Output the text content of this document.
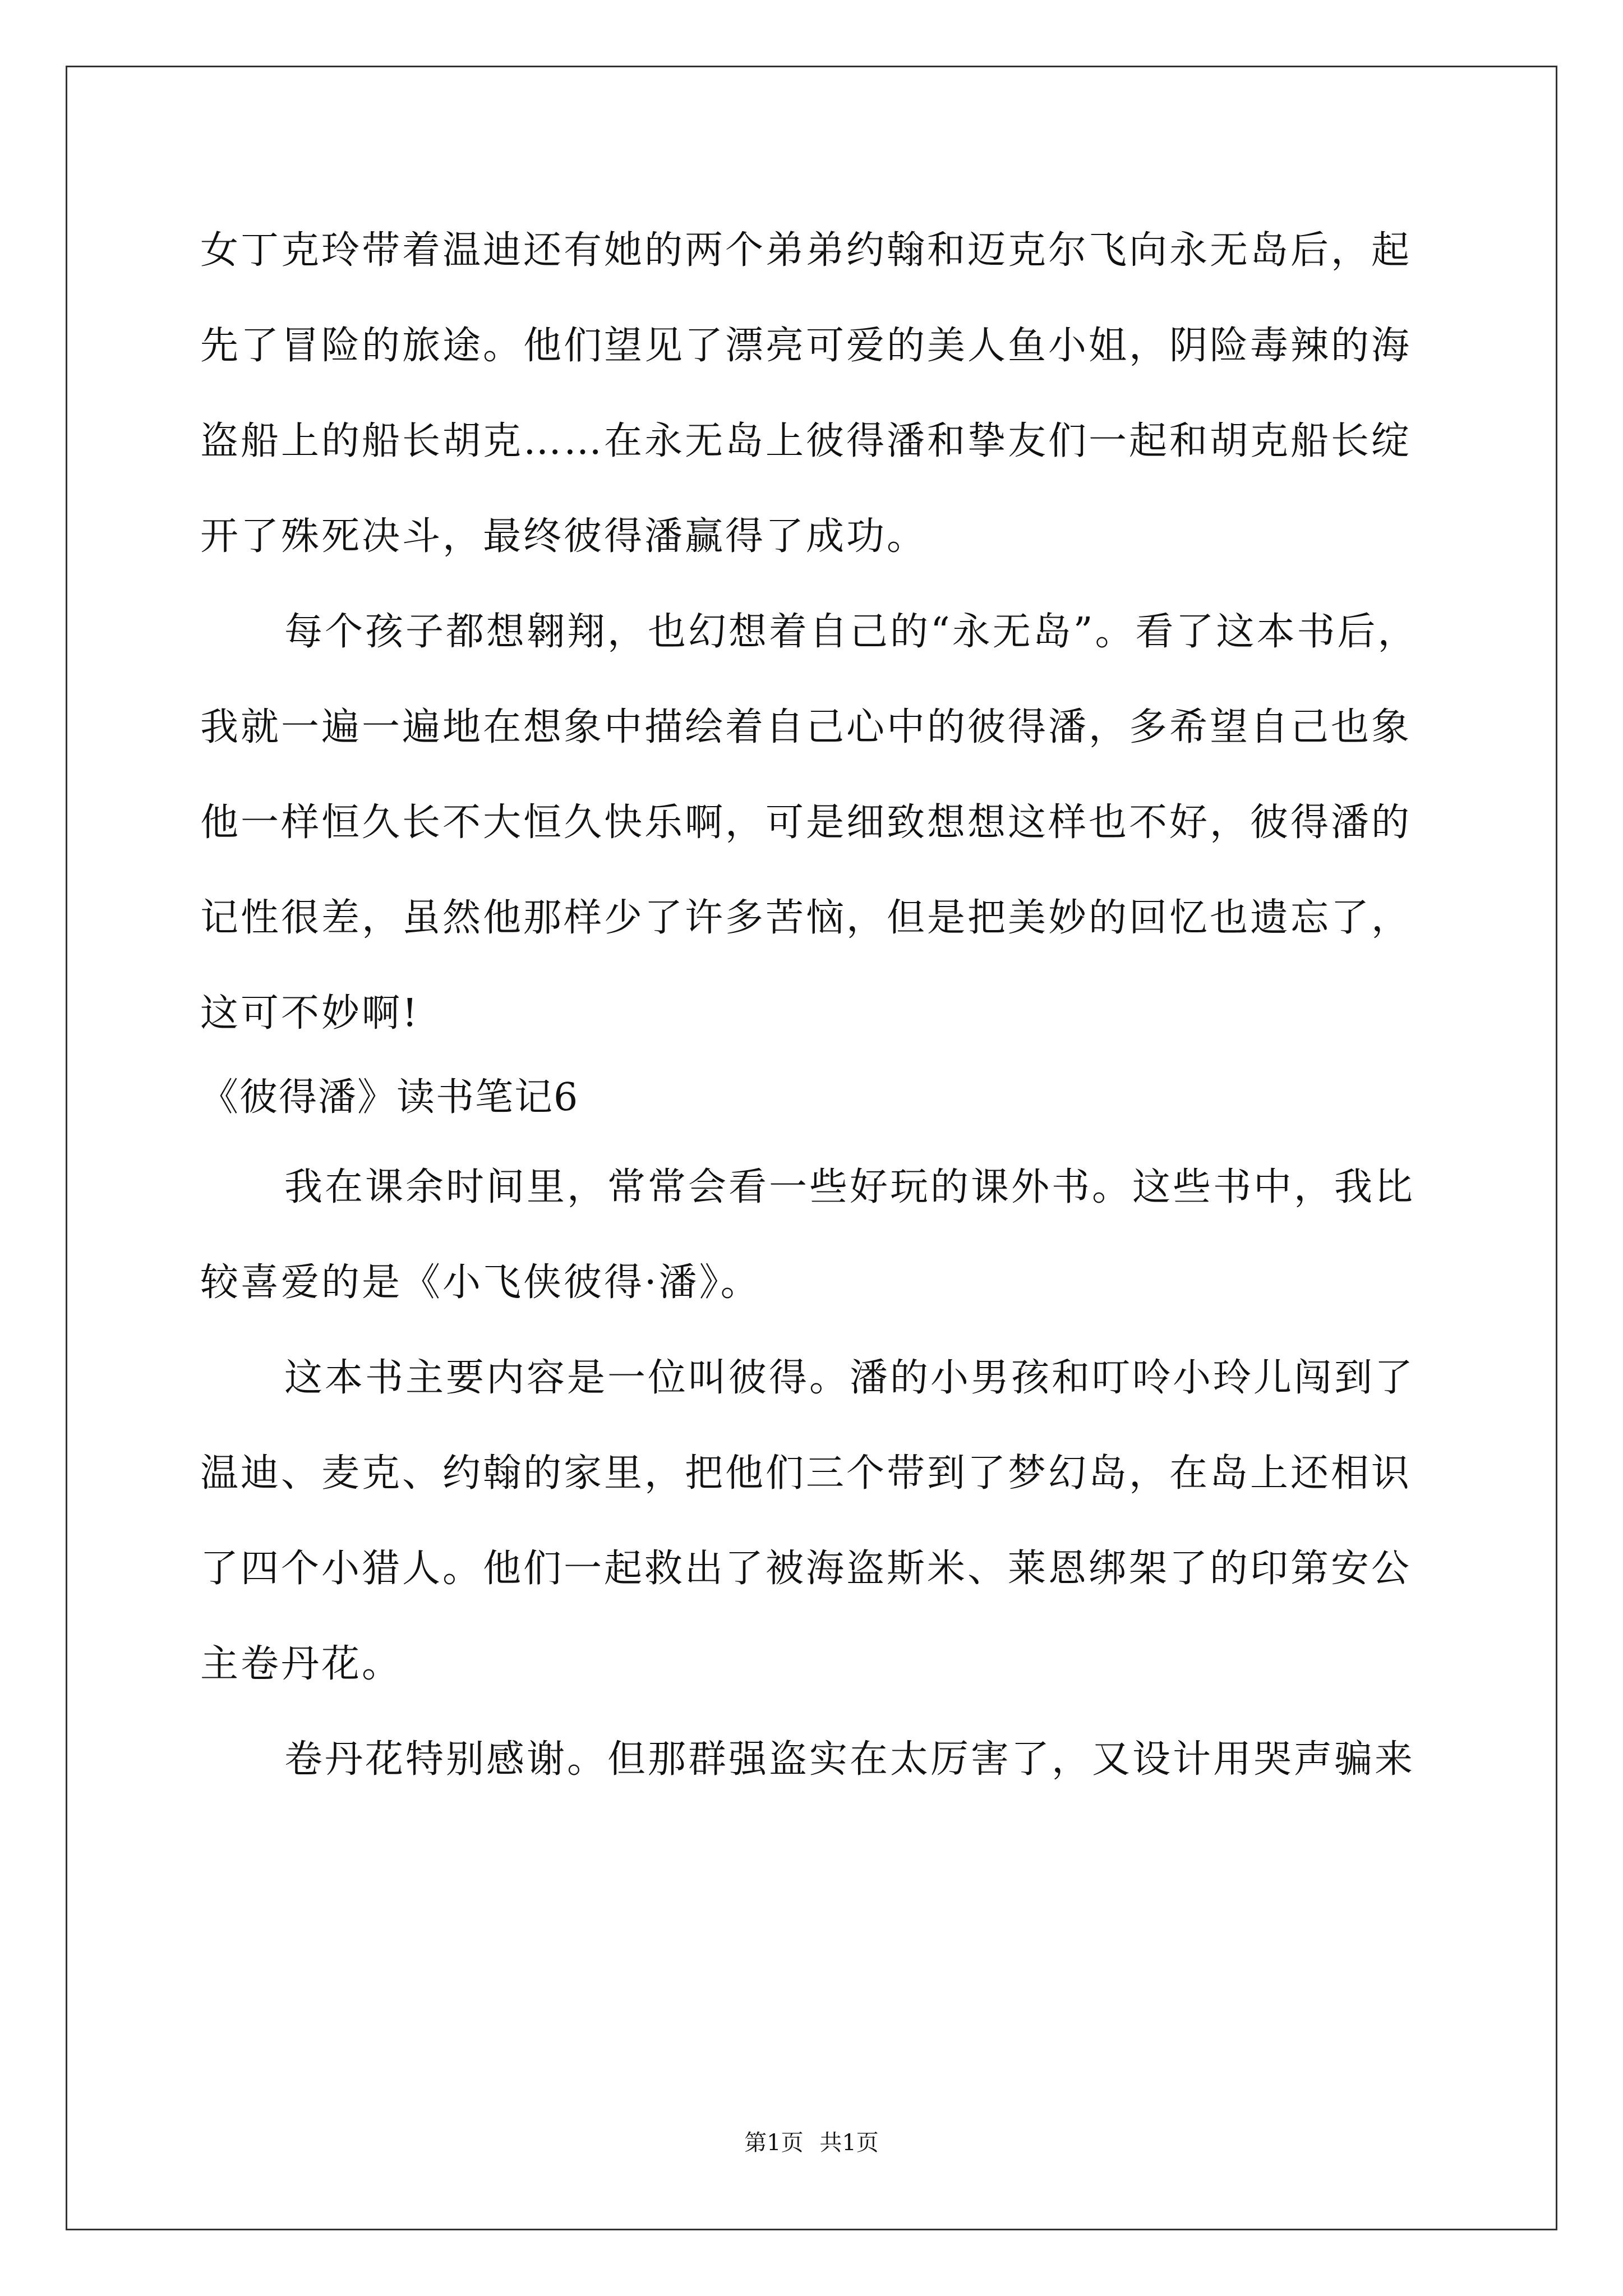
女丁克玲带着温迪还有她的两个弟弟约翰和迈克尔飞向永无岛后，起
先了冒险的旅途。他们望见了漂亮可爱的美人鱼小姐，阴险毒辣的海
盗船上的船长胡克……在永无岛上彼得潘和挚友们一起和胡克船长绽
开了殊死决斗，最终彼得潘赢得了成功。
每个孩子都想翱翔，也幻想着自己的“永无岛”。看了这本书后，
我就一遍一遍地在想象中描绘着自己心中的彼得潘，多希望自己也象
他一样恒久长不大恒久快乐啊，可是细致想想这样也不好，彼得潘的
记性很差，虽然他那样少了许多苦恼，但是把美妙的回忆也遗忘了，
这可不妙啊!
《彼得潘》读书笔记6
我在课余时间里，常常会看一些好玩的课外书。这些书中，我比
较喜爱的是《小飞侠彼得·潘》。
这本书主要内容是一位叫彼得。潘的小男孩和叮呤小玲儿闯到了
温迪、麦克、约翰的家里，把他们三个带到了梦幻岛，在岛上还相识
了四个小猎人。他们一起救出了被海盗斯米、莱恩绑架了的印第安公
主卷丹花。
卷丹花特别感谢。但那群强盗实在太厉害了，又设计用哭声骗来
第1页 共1页
